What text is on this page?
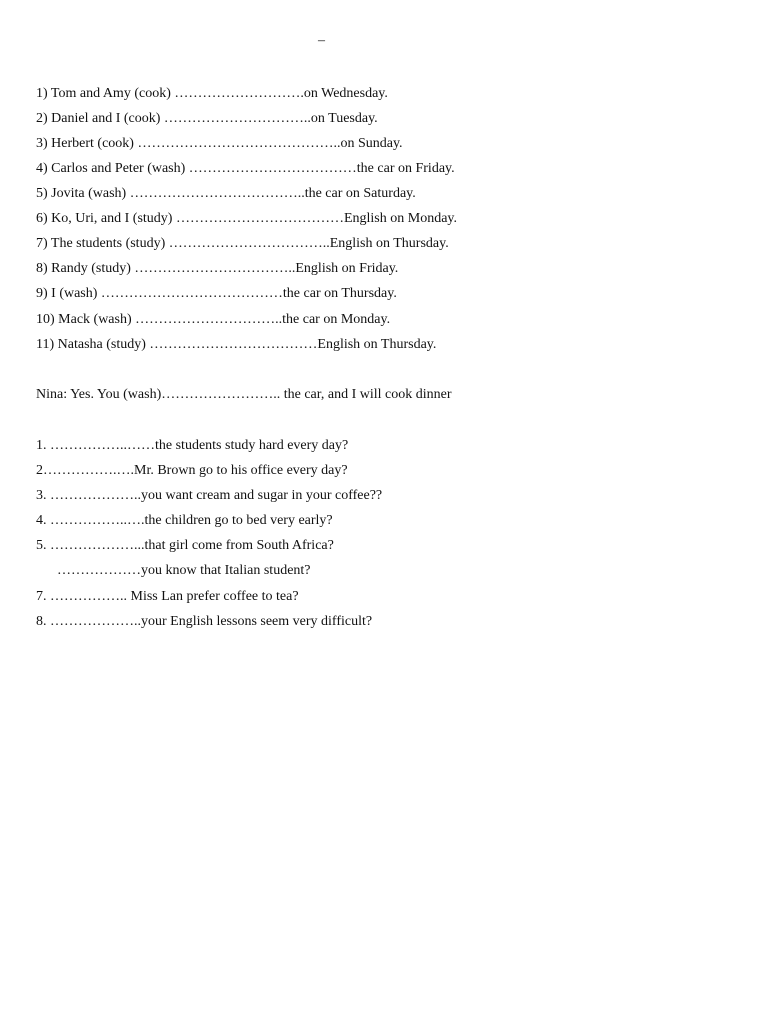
–
1) Tom and Amy (cook) ……………………….on Wednesday.
2) Daniel and I (cook) …………………………..on Tuesday.
3) Herbert (cook) ……………………………………..on Sunday.
4) Carlos and Peter (wash) ………………………………the car on Friday.
5) Jovita (wash) ………………………………..the car on Saturday.
6) Ko, Uri, and I (study) ………………………………English on Monday.
7) The students (study) ……………………………..English on Thursday.
8) Randy (study) ……………………………..English on Friday.
9) I (wash) …………………………………the car on Thursday.
10) Mack (wash) …………………………..the car on Monday.
11) Natasha (study) ………………………………English on Thursday.
Nina: Yes. You (wash)…………………….. the car, and I will cook dinner
1. ……………..……the students study hard every day?
2…………….….Mr. Brown go to his office every day?
3. ………………..you want cream and sugar in your coffee??
4. ……………..….the children go to bed very early?
5. ………………...that girl come from South Africa?
………………you know that Italian student?
7. …………….. Miss Lan prefer coffee to tea?
8. ………………..your English lessons seem very difficult?
